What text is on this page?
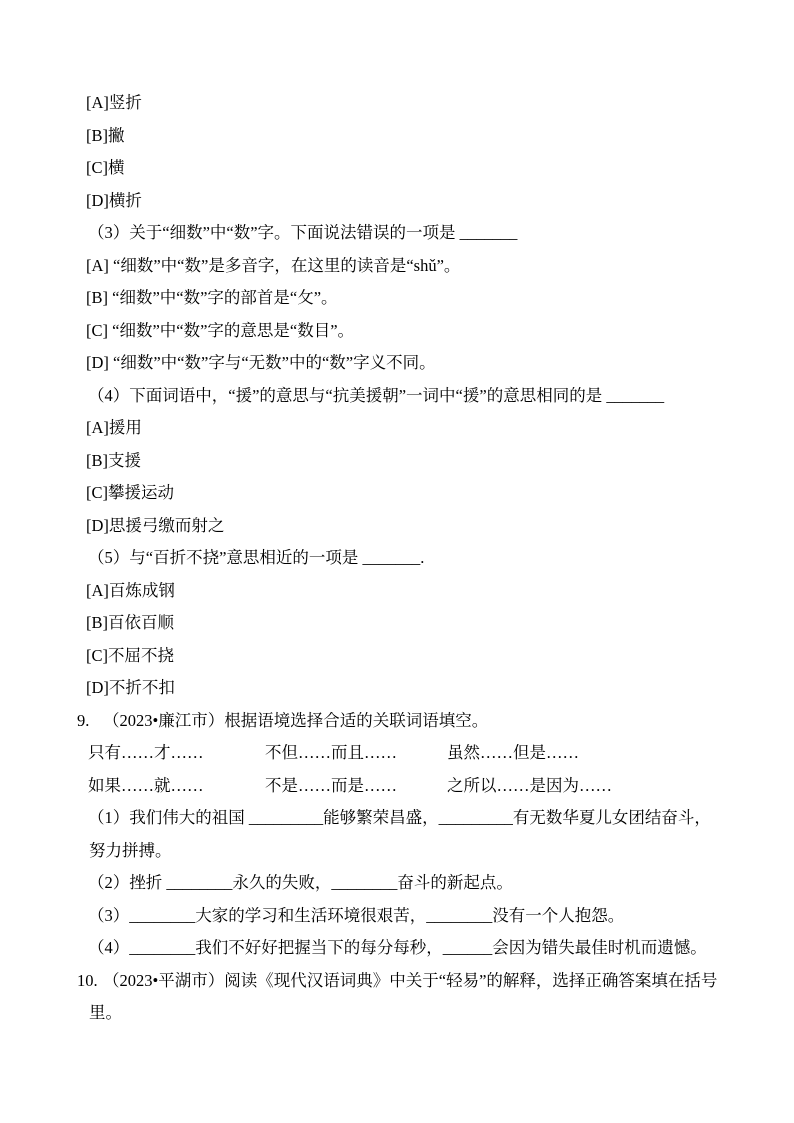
[A]竖折
[B]撇
[C]横
[D]横折
（3）关于“细数”中“数”字。下面说法错误的一项是 _______
[A] “细数”中“数”是多音字，在这里的读音是“shǔ”。
[B] “细数”中“数”字的部首是“攵”。
[C] “细数”中“数”字的意思是“数目”。
[D] “细数”中“数”字与“无数”中的“数”字义不同。
（4）下面词语中，“援”的意思与“抗美援朝”一词中“援”的意思相同的是 _______
[A]援用
[B]支援
[C]攀援运动
[D]思援弓缴而射之
（5）与“百折不挠”意思相近的一项是 _______.
[A]百炼成钢
[B]百依百顺
[C]不屈不挠
[D]不折不扣
9. （2023•廉江市）根据语境选择合适的关联词语填空。
只有……才……	不但……而且……	虽然……但是……
如果……就……	不是……而是……	之所以……是因为……
（1）我们伟大的祖国 _________能够繁荣昌盛，_________有无数华夏儿女团结奋斗，
努力拼搏。
（2）挫折 ________永久的失败，________奋斗的新起点。
（3）________大家的学习和生活环境很艰苦，________没有一个人抱怨。
（4）________我们不好好把握当下的每分每秒，______会因为错失最佳时机而遗憾。
10. （2023•平湖市）阅读《现代汉语词典》中关于“轻易”的解释，选择正确答案填在括号
里。
